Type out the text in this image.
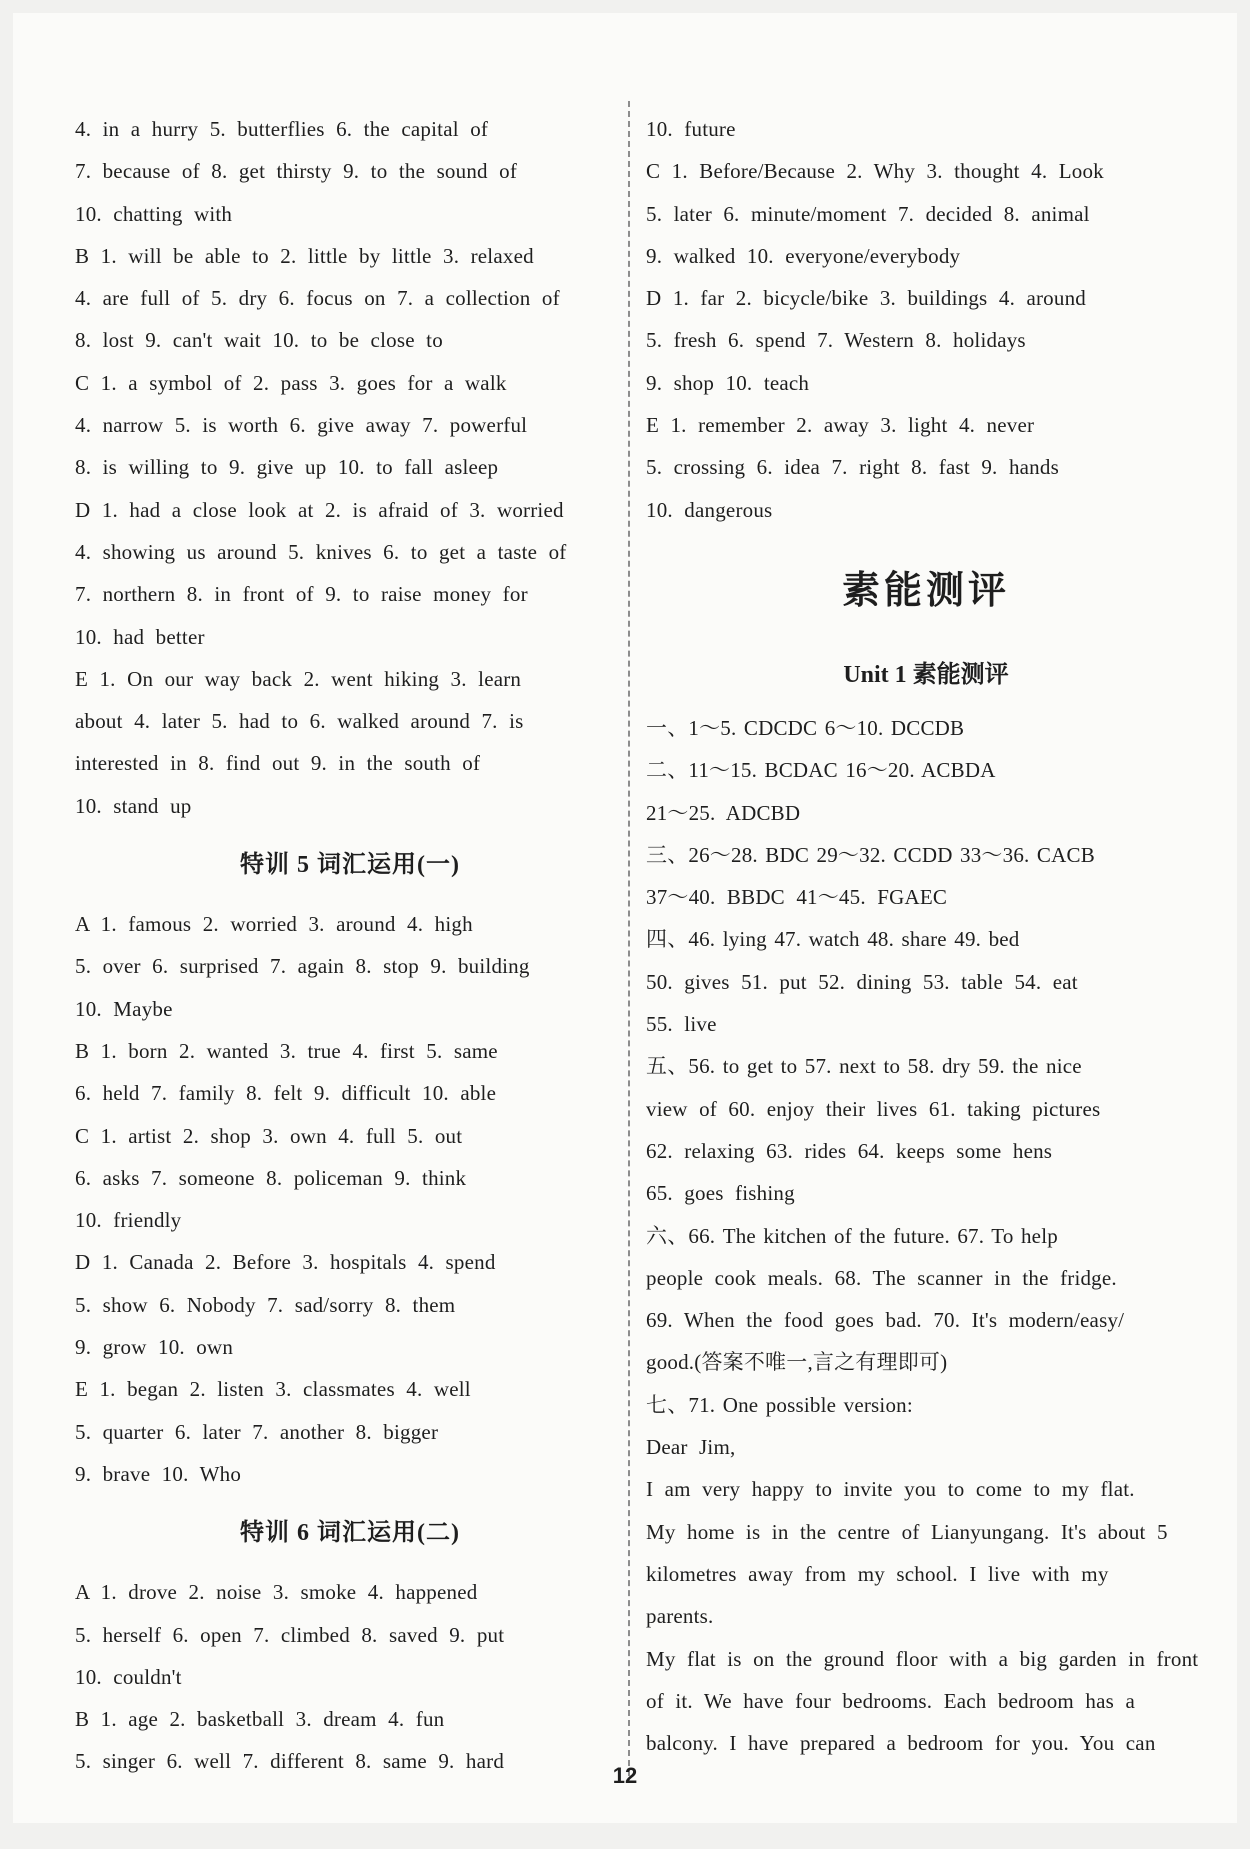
4. in a hurry 5. butterflies 6. the capital of
7. because of 8. get thirsty 9. to the sound of
10. chatting with
B 1. will be able to 2. little by little 3. relaxed
4. are full of 5. dry 6. focus on 7. a collection of
8. lost 9. can't wait 10. to be close to
C 1. a symbol of 2. pass 3. goes for a walk
4. narrow 5. is worth 6. give away 7. powerful
8. is willing to 9. give up 10. to fall asleep
D 1. had a close look at 2. is afraid of 3. worried
4. showing us around 5. knives 6. to get a taste of
7. northern 8. in front of 9. to raise money for
10. had better
E 1. On our way back 2. went hiking 3. learn
about 4. later 5. had to 6. walked around 7. is
interested in 8. find out 9. in the south of
10. stand up
特训 5 词汇运用(一)
A 1. famous 2. worried 3. around 4. high
5. over 6. surprised 7. again 8. stop 9. building
10. Maybe
B 1. born 2. wanted 3. true 4. first 5. same
6. held 7. family 8. felt 9. difficult 10. able
C 1. artist 2. shop 3. own 4. full 5. out
6. asks 7. someone 8. policeman 9. think
10. friendly
D 1. Canada 2. Before 3. hospitals 4. spend
5. show 6. Nobody 7. sad/sorry 8. them
9. grow 10. own
E 1. began 2. listen 3. classmates 4. well
5. quarter 6. later 7. another 8. bigger
9. brave 10. Who
特训 6 词汇运用(二)
A 1. drove 2. noise 3. smoke 4. happened
5. herself 6. open 7. climbed 8. saved 9. put
10. couldn't
B 1. age 2. basketball 3. dream 4. fun
5. singer 6. well 7. different 8. same 9. hard
10. future
C 1. Before/Because 2. Why 3. thought 4. Look
5. later 6. minute/moment 7. decided 8. animal
9. walked 10. everyone/everybody
D 1. far 2. bicycle/bike 3. buildings 4. around
5. fresh 6. spend 7. Western 8. holidays
9. shop 10. teach
E 1. remember 2. away 3. light 4. never
5. crossing 6. idea 7. right 8. fast 9. hands
10. dangerous
素能测评
Unit 1 素能测评
一、1～5. CDCDC 6～10. DCCDB
二、11～15. BCDAC 16～20. ACBDA
21～25. ADCBD
三、26～28. BDC 29～32. CCDD 33～36. CACB
37～40. BBDC 41～45. FGAEC
四、46. lying 47. watch 48. share 49. bed
50. gives 51. put 52. dining 53. table 54. eat
55. live
五、56. to get to 57. next to 58. dry 59. the nice
view of 60. enjoy their lives 61. taking pictures
62. relaxing 63. rides 64. keeps some hens
65. goes fishing
六、66. The kitchen of the future. 67. To help
people cook meals. 68. The scanner in the fridge.
69. When the food goes bad. 70. It's modern/easy/
good.(答案不唯一,言之有理即可)
七、71. One possible version:
Dear Jim,
I am very happy to invite you to come to my flat.
My home is in the centre of Lianyungang. It's about 5
kilometres away from my school. I live with my
parents.
My flat is on the ground floor with a big garden in front
of it. We have four bedrooms. Each bedroom has a
balcony. I have prepared a bedroom for you. You can
12
